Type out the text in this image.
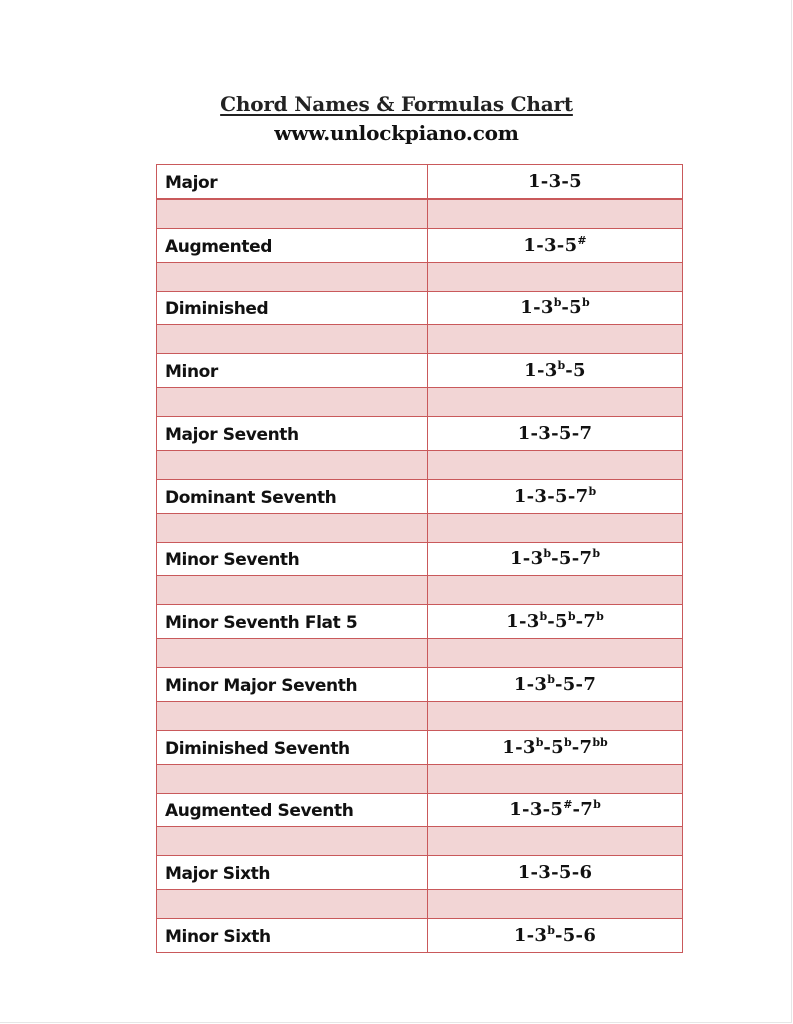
Chord Names & Formulas Chart
www.unlockpiano.com
Major	1-3-5

Augmented	1-3-5#

Diminished	1-3$^b$-5$^b$

Minor	1-3$^b$-5

Major Seventh	1-3-5-7

Dominant Seventh	1-3-5-7$^b$

Minor Seventh	1-3$^b$-5-7$^b$

Minor Seventh Flat 5	1-3$^b$-5$^b$-7$^b$

Minor Major Seventh	1-3$^b$-5-7

Diminished Seventh	$1-3^b-5^b-7^{bb}$

Augmented Seventh	1-3-5#-7$^b$

Major Sixth	1-3-5-6

Minor Sixth	1-3$^b$-5-6
